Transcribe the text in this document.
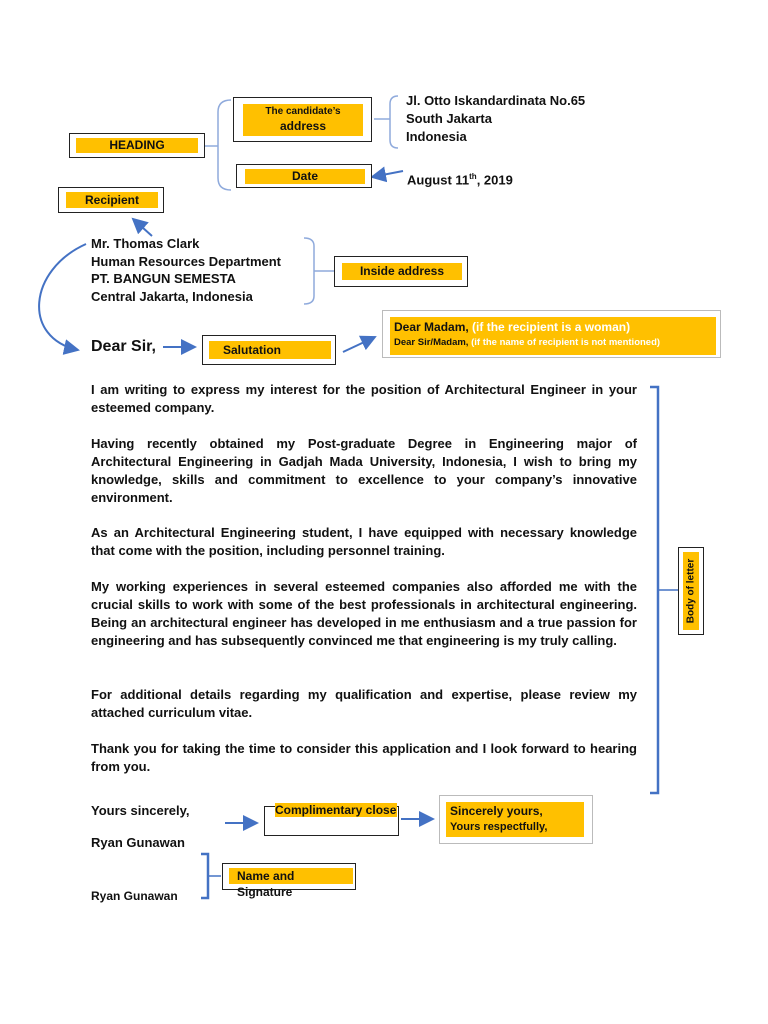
HEADING
The candidate’s
address
Date
Jl. Otto Iskandardinata No.65
South Jakarta
Indonesia
August 11th, 2019
Recipient
Mr. Thomas Clark
Human Resources Department
PT. BANGUN SEMESTA
Central Jakarta, Indonesia
Inside address
Dear Sir,	Salutation
Dear Madam, (if the recipient is a woman)
Dear Sir/Madam, (if the name of recipient is not mentioned)
I am writing to express my interest for the position of Architectural Engineer in your esteemed company.
Having recently obtained my Post-graduate Degree in Engineering major of Architectural Engineering in Gadjah Mada University, Indonesia, I wish to bring my knowledge, skills and commitment to excellence to your company’s innovative environment.
As an Architectural Engineering student, I have equipped with necessary knowledge that come with the position, including personnel training.
My working experiences in several esteemed companies also afforded me with the crucial skills to work with some of the best professionals in architectural engineering. Being an architectural engineer has developed in me enthusiasm and a true passion for engineering and has subsequently convinced me that engineering is my truly calling.
For additional details regarding my qualification and expertise, please review my attached curriculum vitae.
Thank you for taking the time to consider this application and I look forward to hearing from you.
Body of letter
Yours sincerely,
Ryan Gunawan
Ryan Gunawan
Complimentary close	Sincerely yours,
Yours respectfully,
Name and Signature
